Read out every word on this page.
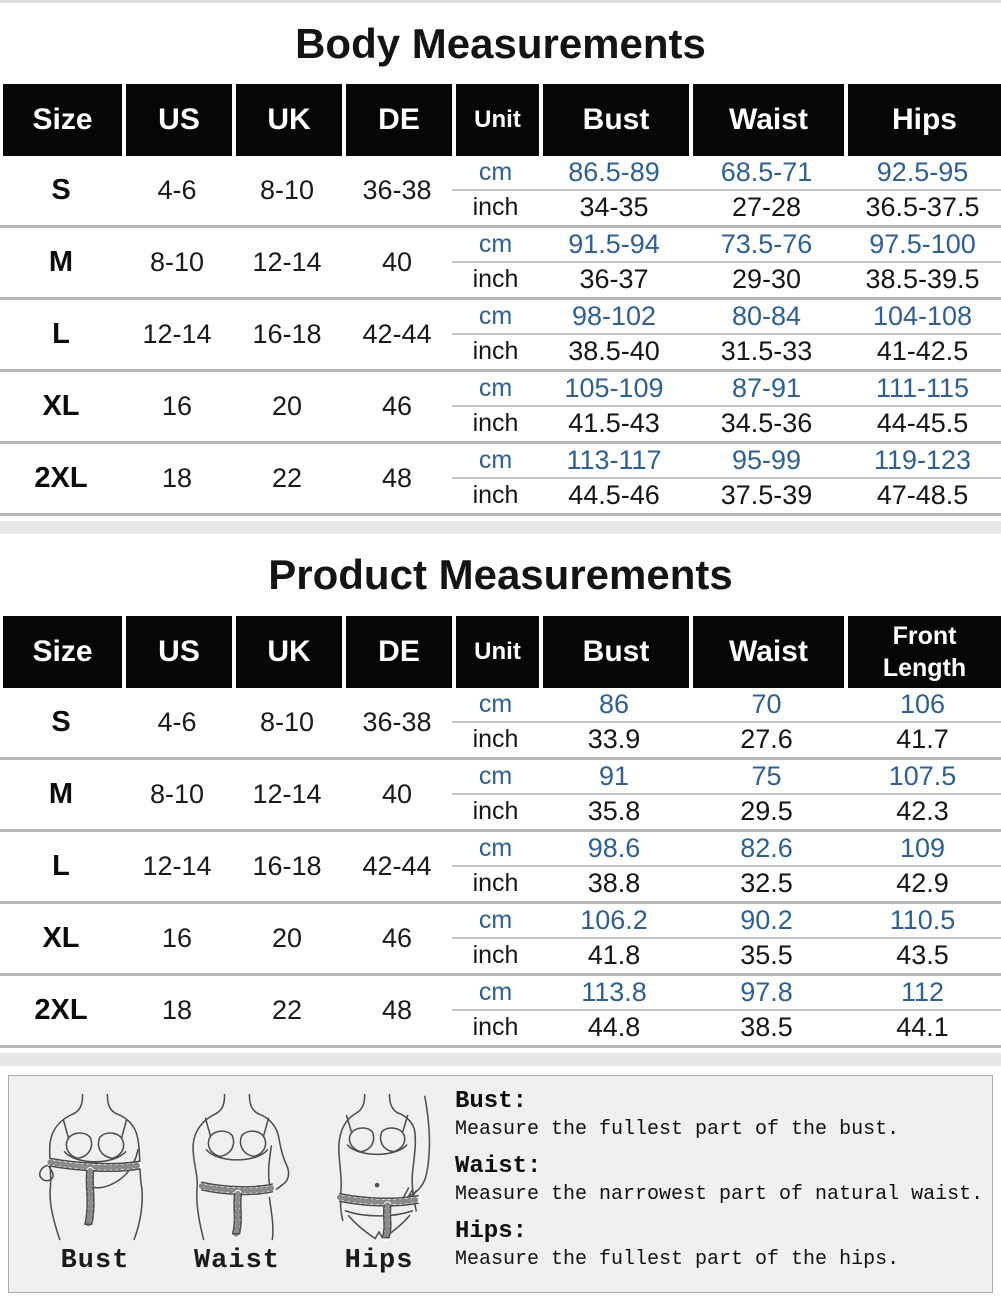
Body Measurements
Size	US	UK	DE	Unit	Bust	Waist	Hips
S	4-6	8-10	36-38
cm	86.5-89	68.5-71	92.5-95
inch	34-35	27-28	36.5-37.5
M	8-10	12-14	40
cm	91.5-94	73.5-76	97.5-100
inch	36-37	29-30	38.5-39.5
L	12-14	16-18	42-44
cm	98-102	80-84	104-108
inch	38.5-40	31.5-33	41-42.5
XL	16	20	46
cm	105-109	87-91	111-115
inch	41.5-43	34.5-36	44-45.5
2XL	18	22	48
cm	113-117	95-99	119-123
inch	44.5-46	37.5-39	47-48.5
Product Measurements
Size	US	UK	DE	Unit	Bust	Waist	Front Length
S	4-6	8-10	36-38
cm	86	70	106
inch	33.9	27.6	41.7
M	8-10	12-14	40
cm	91	75	107.5
inch	35.8	29.5	42.3
L	12-14	16-18	42-44
cm	98.6	82.6	109
inch	38.8	32.5	42.9
XL	16	20	46
cm	106.2	90.2	110.5
inch	41.8	35.5	43.5
2XL	18	22	48
cm	113.8	97.8	112
inch	44.8	38.5	44.1
Bust Waist Hips
Bust:
Measure the fullest part of the bust.
Waist:
Measure the narrowest part of natural waist.
Hips:
Measure the fullest part of the hips.
